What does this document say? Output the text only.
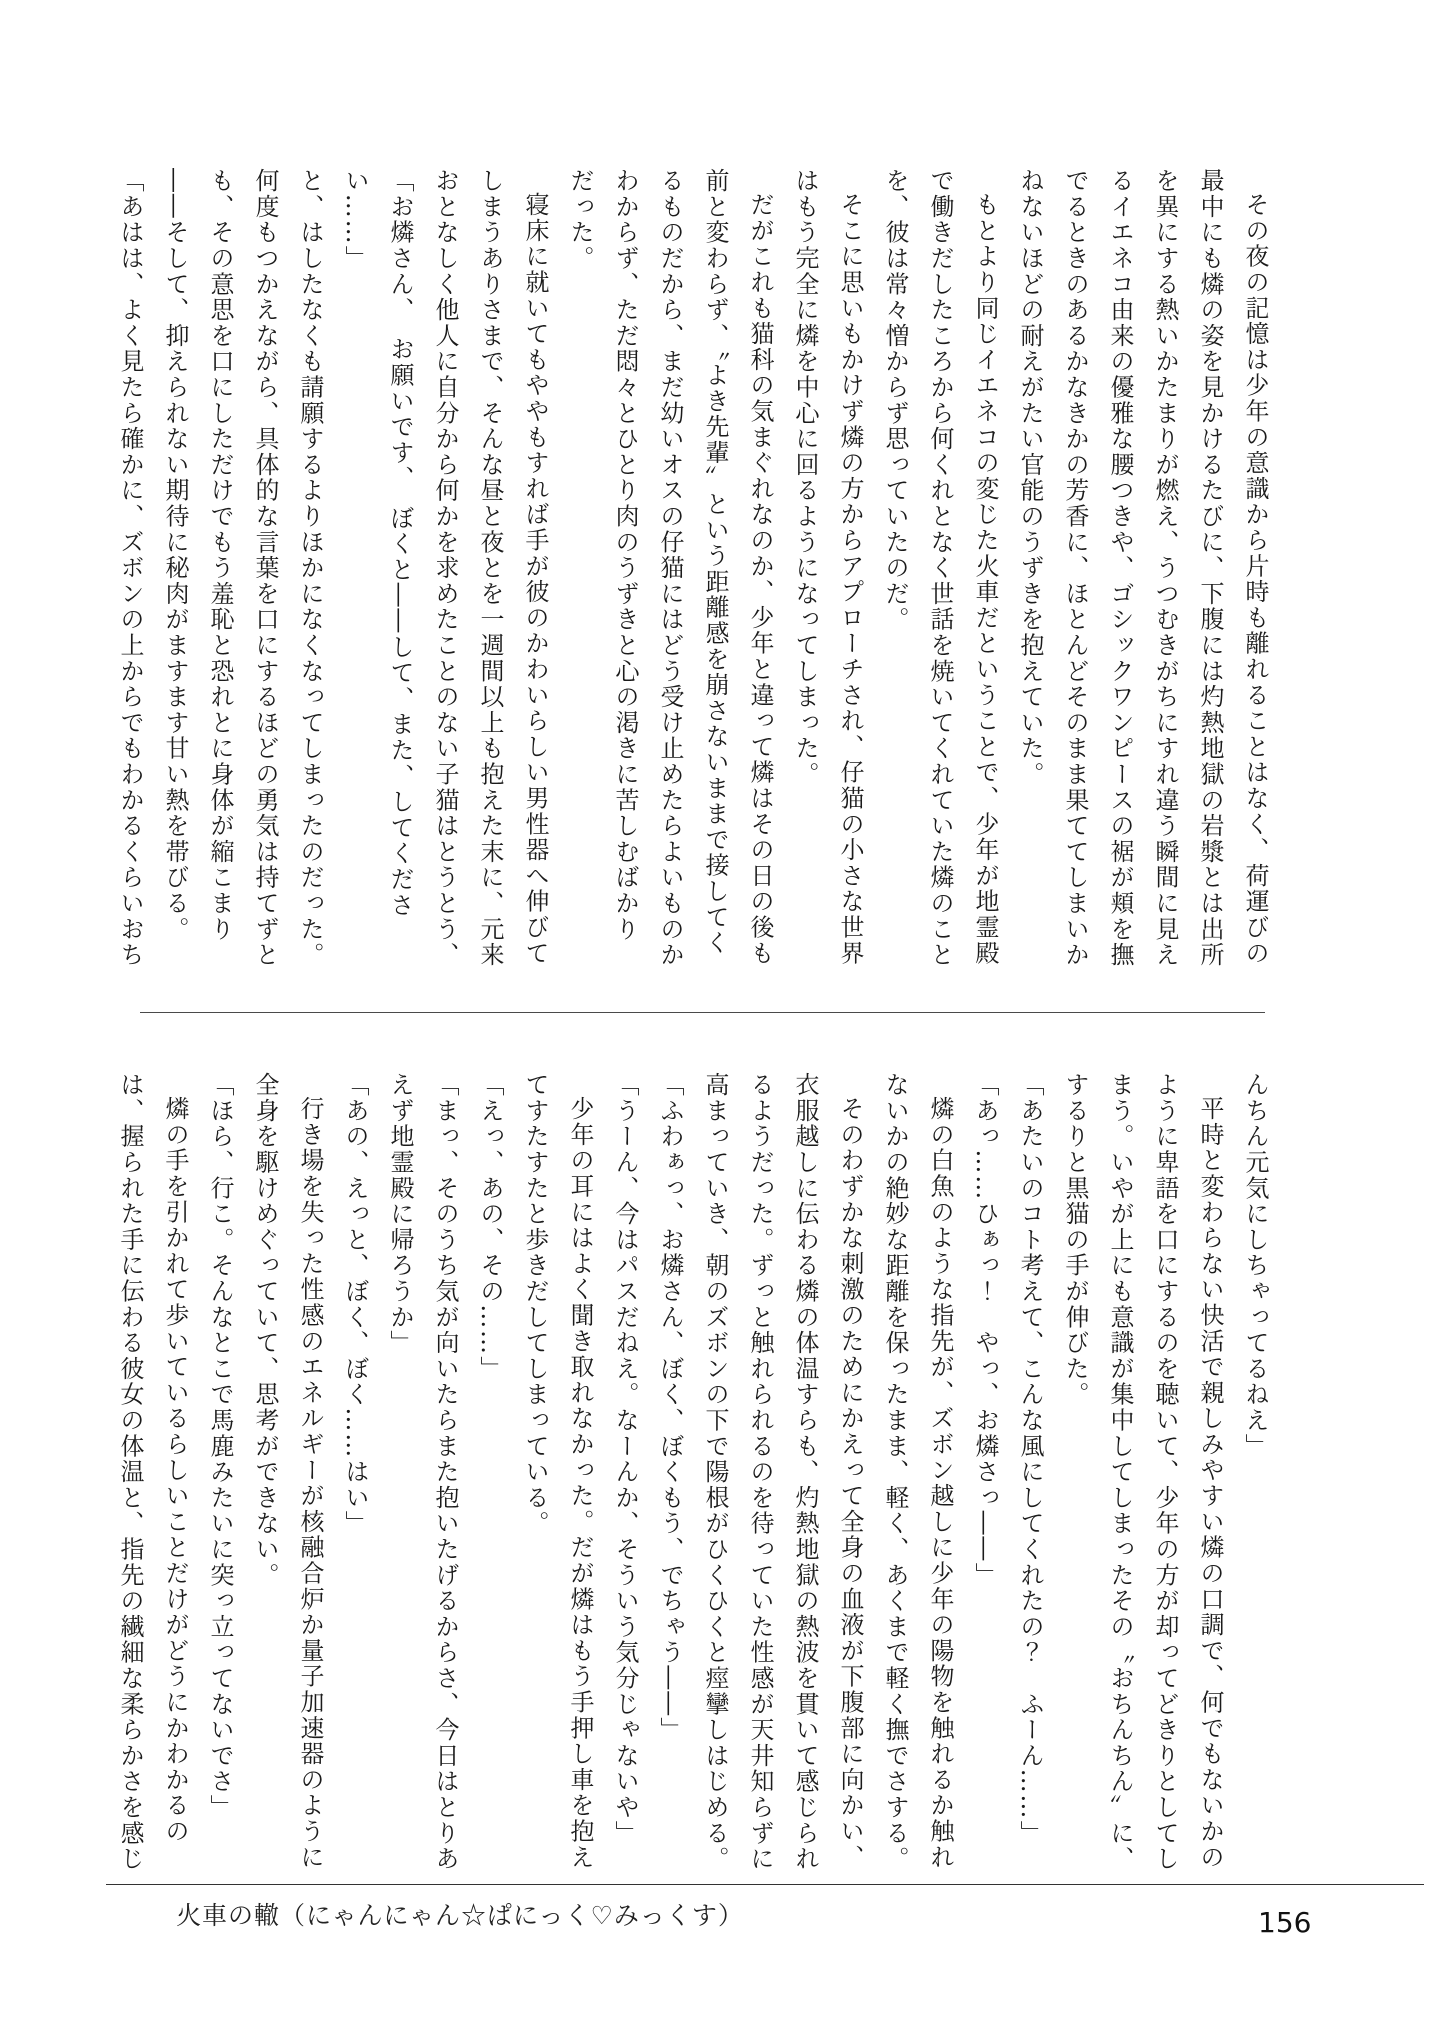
その夜の記憶は少年の意識から片時も離れることはなく、荷運びの最中にも燐の姿を見かけるたびに、下腹には灼熱地獄の岩漿とは出所を異にする熱いかたまりが燃え、うつむきがちにすれ違う瞬間に見えるイエネコ由来の優雅な腰つきや、ゴシックワンピースの裾が頬を撫でるときのあるかなきかの芳香に、ほとんどそのまま果ててしまいかねないほどの耐えがたい官能のうずきを抱えていた。

もとより同じイエネコの変じた火車だということで、少年が地霊殿で働きだしたころから何くれとなく世話を焼いてくれていた燐のことを、彼は常々憎からず思っていたのだ。

そこに思いもかけず燐の方からアプローチされ、仔猫の小さな世界はもう完全に燐を中心に回るようになってしまった。

だがこれも猫科の気まぐれなのか、少年と違って燐はその日の後も前と変わらず、〝よき先輩〞という距離感を崩さないままで接してくるものだから、まだ幼いオスの仔猫にはどう受け止めたらよいものかわからず、ただ悶々とひとり肉のうずきと心の渇きに苦しむばかりだった。

寝床に就いてもややもすれば手が彼のかわいらしい男性器へ伸びてしまうありさまで、そんな昼と夜とを一週間以上も抱えた末に、元来おとなしく他人に自分から何かを求めたことのない子猫はとうとう、

「お燐さん、　お願いです、　ぼくと――して、また、してください……」

と、はしたなくも請願するよりほかになくなってしまったのだった。何度もつかえながら、具体的な言葉を口にするほどの勇気は持てずとも、その意思を口にしただけでもう羞恥と恐れとに身体が縮こまり――そして、抑えられない期待に秘肉がますます甘い熱を帯びる。

「あはは、よく見たら確かに、ズボンの上からでもわかるくらいおち

んちん元気にしちゃってるねえ」

平時と変わらない快活で親しみやすい燐の口調で、何でもないかのように卑語を口にするのを聴いて、少年の方が却ってどきりとしてしまう。いやが上にも意識が集中してしまったその〝おちんちん〞に、するりと黒猫の手が伸びた。

「あたいのコト考えて、こんな風にしてくれたの？　ふーん……」

「あっ……ひぁっ！　やっ、お燐さっ――」

燐の白魚のような指先が、ズボン越しに少年の陽物を触れるか触れないかの絶妙な距離を保ったまま、軽く、あくまで軽く撫でさする。

そのわずかな刺激のためにかえって全身の血液が下腹部に向かい、衣服越しに伝わる燐の体温すらも、灼熱地獄の熱波を貫いて感じられるようだった。ずっと触れられるのを待っていた性感が天井知らずに高まっていき、朝のズボンの下で陽根がひくひくと痙攣しはじめる。

「ふわぁっ、お燐さん、ぼく、ぼくもう、でちゃう――」

「うーん、今はパスだねえ。なーんか、そういう気分じゃないや」

少年の耳にはよく聞き取れなかった。だが燐はもう手押し車を抱えてすたすたと歩きだしてしまっている。

「えっ、あの、その……」

「まっ、そのうち気が向いたらまた抱いたげるからさ、今日はとりあえず地霊殿に帰ろうか」

「あの、えっと、ぼく、ぼく……はい」

行き場を失った性感のエネルギーが核融合炉か量子加速器のように全身を駆けめぐっていて、思考ができない。

「ほら、行こ。そんなとこで馬鹿みたいに突っ立ってないでさ」

燐の手を引かれて歩いているらしいことだけがどうにかわかるのは、握られた手に伝わる彼女の体温と、指先の繊細な柔らかさを感じ

火車の轍（にゃんにゃん☆ぱにっく♡みっくす）	156
